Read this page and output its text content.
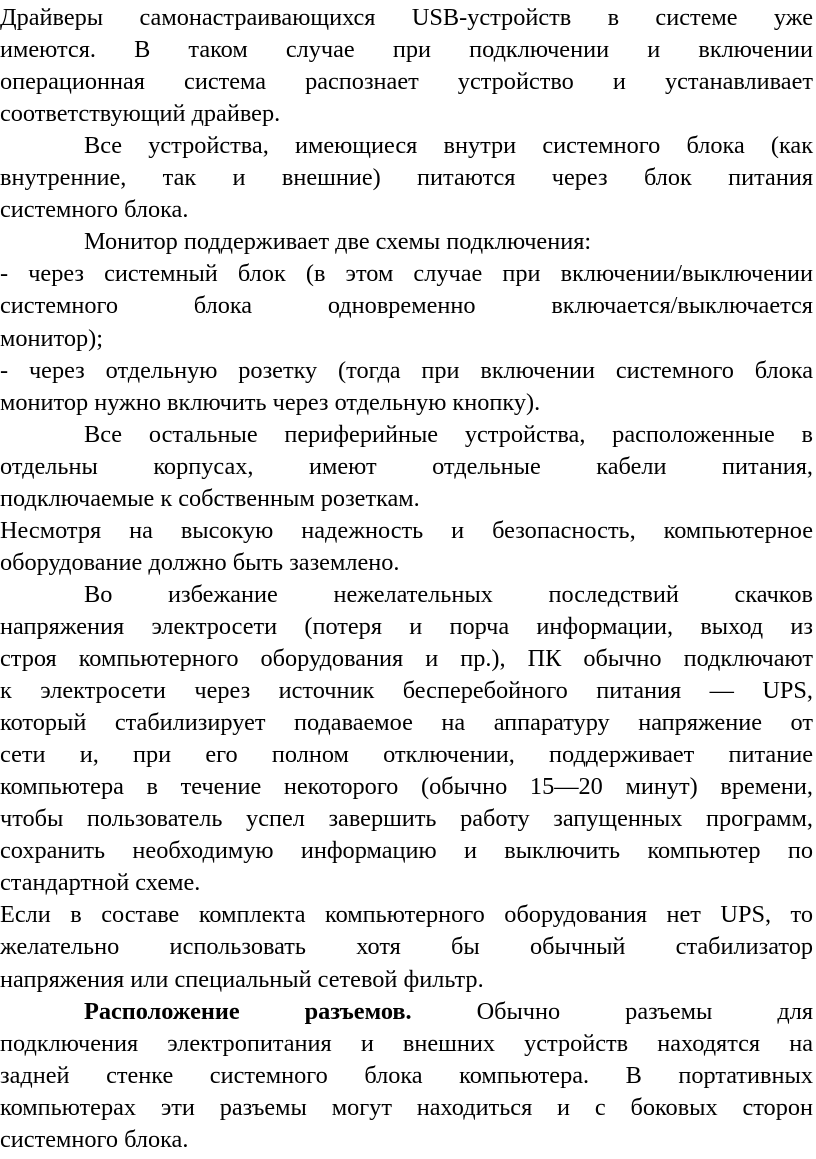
Драйверы самонастраивающихся USB-устройств в системе уже
имеются. В таком случае при подключении и включении
операционная система распознает устройство и устанавливает
соответствующий драйвер.
Все устройства, имеющиеся внутри системного блока (как
внутренние, так и внешние) питаются через блок питания
системного блока.
Монитор поддерживает две схемы подключения:
- через системный блок (в этом случае при включении/выключении
системного блока одновременно включается/выключается
монитор);
- через отдельную розетку (тогда при включении системного блока
монитор нужно включить через отдельную кнопку).
Все остальные периферийные устройства, расположенные в
отдельны корпусах, имеют отдельные кабели питания,
подключаемые к собственным розеткам.
Несмотря на высокую надежность и безопасность, компьютерное
оборудование должно быть заземлено.
Во избежание нежелательных последствий скачков
напряжения электросети (потеря и порча информации, выход из
строя компьютерного оборудования и пр.), ПК обычно подключают
к электросети через источник бесперебойного питания — UPS,
который стабилизирует подаваемое на аппаратуру напряжение от
сети и, при его полном отключении, поддерживает питание
компьютера в течение некоторого (обычно 15—20 минут) времени,
чтобы пользователь успел завершить работу запущенных программ,
сохранить необходимую информацию и выключить компьютер по
стандартной схеме.
Если в составе комплекта компьютерного оборудования нет UPS, то
желательно использовать хотя бы обычный стабилизатор
напряжения или специальный сетевой фильтр.
Расположение разъемов.	Обычно разъемы для
подключения электропитания и внешних устройств находятся на
задней стенке системного блока компьютера. В портативных
компьютерах эти разъемы могут находиться и с боковых сторон
системного блока.
